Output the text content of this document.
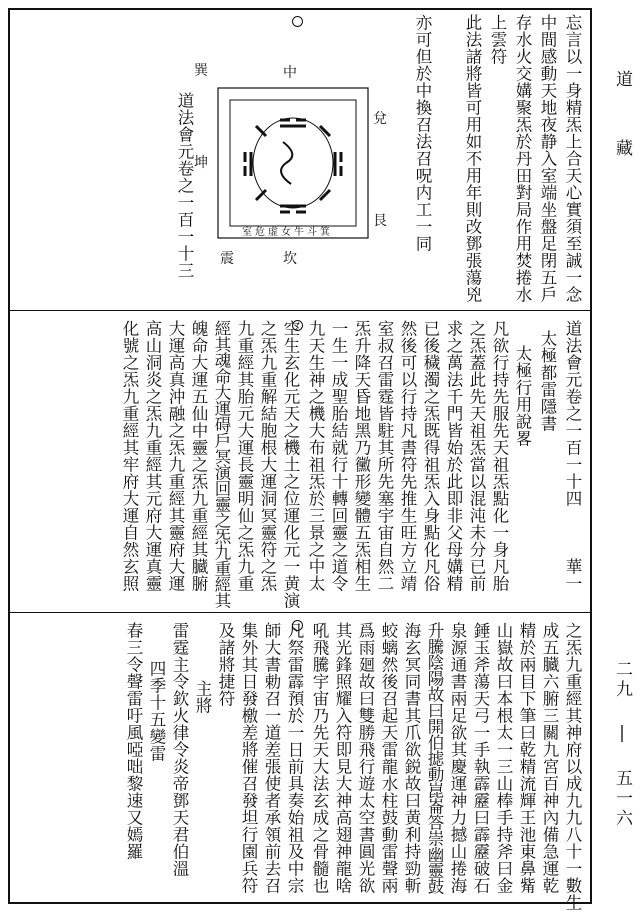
道 藏
二九 | 五一六
忘言以一身精炁上合天心實須至誠一念
中間感動天地夜静入室端坐盤足閉五戶
存水火交媾聚炁於丹田對局作用焚捲水
上雲符
此法諸將皆可用如不用年則改鄧張蕩兇
亦可但於中換召法召呪内工一同
道法會元卷之一百一十三
中
兌
艮
巽
坤
坎
震
室危虚女牛斗箕
道法會元卷之一百一十四　　　華一
太極都雷隱書
太極行用說畧
凡欲行持先服先天祖炁點化一身凡胎
之炁蓋此先天祖炁當以混沌未分已前
求之萬法千門皆始於此即非父母媾精
已後穢濁之炁既得祖炁入身點化凡俗
然後可以行持凡書符先推生旺方立靖
室叔召雷霆皆駐其所先塞宇宙自然二
炁升降天昏地黑乃黴形變體五炁相生
一生一成聖胎結就行十轉回靈之道令
九天生神之機大布祖炁於三景之中太
空生玄化元天之機土之位運化元一黄演
之炁九重解結胞根大運洞冥靈符之炁
九重經其胎元大運長靈明仙之炁九重
經其魂命大運碍戶冥演回靈之炁九重經其
魄命大運五仙中靈之炁九重經其臓腑
大運高真沖融之炁九重經其靈府大運
高山洞炎之炁九重經其元府大運真靈
化號之炁九重經其牢府大運自然玄照
之炁九重經其神府以成九九八十一數生
成五臓六腑三關九宮百神內備急運乾
精於兩目下筆曰乾精流輝王池東鼻觜
山嶽故曰本根太一三山棒手持斧曰金
錘玉斧蕩天弓一手執霹靂曰霹靂破石
泉源通書兩足欲其慶運神力撼山捲海
升騰陰陽故曰開伯摅動崑崙答崇幽靈鼓
海玄冥同書其爪欲鋭故曰黄利持勁斬
蛟螭然後召起天雷龍水柱鼓動雷聲兩
爲雨廻故曰雙勝飛行遊太空書圓光欲
其光鋒照耀入符即見大神高翅神龍啥
吼飛騰宇宙乃先天大法玄成之骨髓也
凡祭雷霹預於一日前具奏始祖及中宗
師大書勅召一道差張使者承領前去召
集外其日發檄差將催召發坦行園兵符
及諸將捷符
主將
雷霆主令欽火律令炎帝鄧天君伯溫
四季十五變雷
春三令聲雷吁風啞咄黎速又嫣羅
